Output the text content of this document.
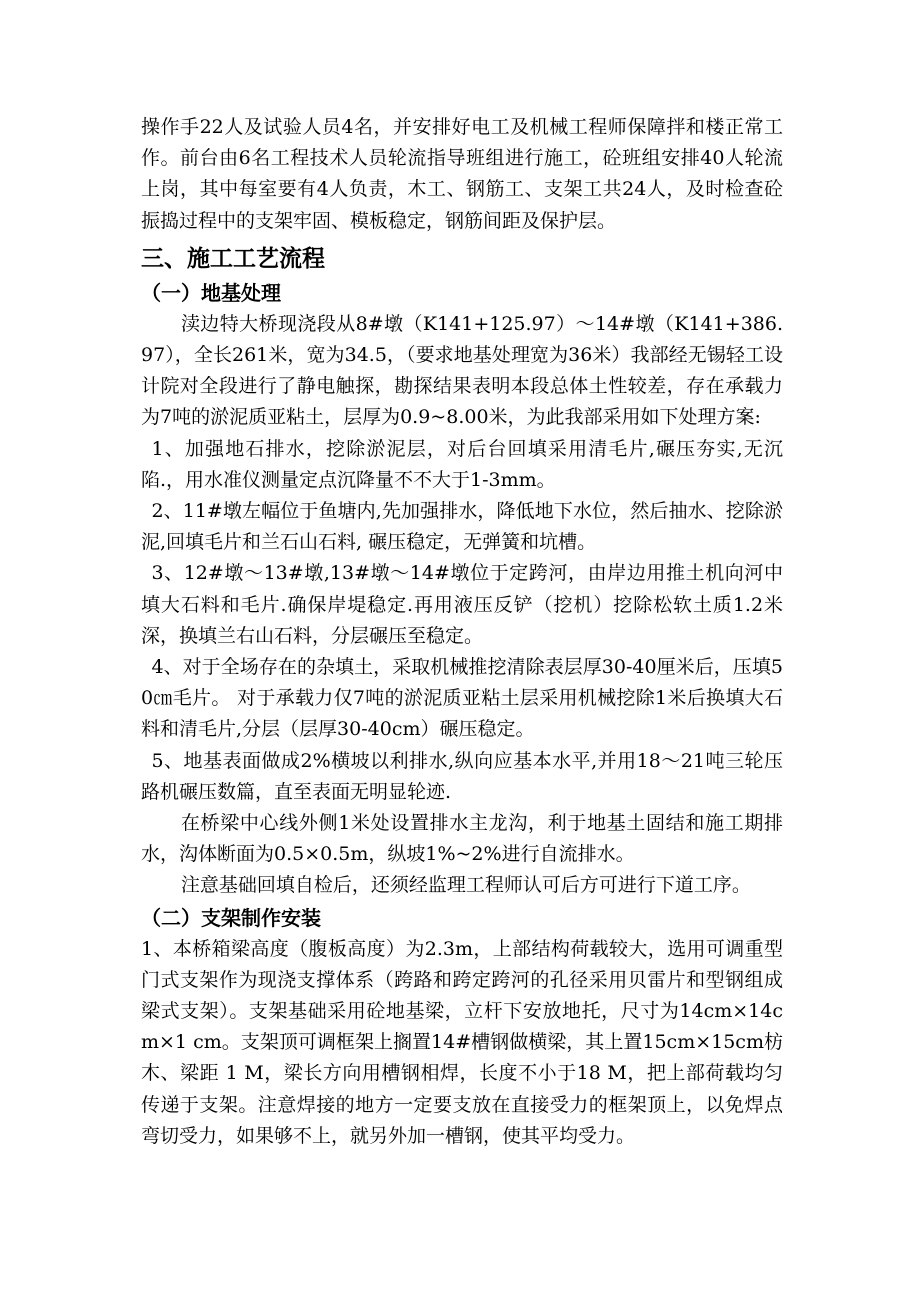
操作手22人及试验人员4名，并安排好电工及机械工程师保障拌和楼正常工作。前台由6名工程技术人员轮流指导班组进行施工，砼班组安排40人轮流上岗，其中每室要有4人负责，木工、钢筋工、支架工共24人，及时检查砼振捣过程中的支架牢固、模板稳定，钢筋间距及保护层。

三、施工工艺流程
（一）地基处理

渎边特大桥现浇段从8#墩（K141+125.97）～14#墩（K141+386.97），全长261米，宽为34.5，（要求地基处理宽为36米）我部经无锡轻工设计院对全段进行了静电触探，勘探结果表明本段总体土性较差，存在承载力为7吨的淤泥质亚粘土，层厚为0.9~8.00米，为此我部采用如下处理方案:

1、加强地石排水，挖除淤泥层，对后台回填采用清毛片,碾压夯实,无沉陷.，用水准仪测量定点沉降量不不大于1-3mm。

2、11#墩左幅位于鱼塘内,先加强排水，降低地下水位，然后抽水、挖除淤泥,回填毛片和兰石山石料, 碾压稳定，无弹簧和坑槽。

3、12#墩～13#墩,13#墩～14#墩位于定跨河，由岸边用推土机向河中填大石料和毛片.确保岸堤稳定.再用液压反铲（挖机）挖除松软土质1.2米深，换填兰右山石料，分层碾压至稳定。

4、对于全场存在的杂填土，采取机械推挖清除表层厚30-40厘米后，压填50㎝毛片。 对于承载力仅7吨的淤泥质亚粘土层采用机械挖除1米后换填大石料和清毛片,分层（层厚30-40cm）碾压稳定。

5、地基表面做成2%横坡以利排水,纵向应基本水平,并用18～21吨三轮压路机碾压数篇，直至表面无明显轮迹.

在桥梁中心线外侧1米处设置排水主龙沟，利于地基土固结和施工期排水，沟体断面为0.5×0.5m，纵坡1%~2%进行自流排水。

注意基础回填自检后，还须经监理工程师认可后方可进行下道工序。

（二）支架制作安装

1、本桥箱梁高度（腹板高度）为2.3m，上部结构荷载较大，选用可调重型门式支架作为现浇支撑体系（跨路和跨定跨河的孔径采用贝雷片和型钢组成梁式支架）。支架基础采用砼地基梁，立杆下安放地托，尺寸为14cm×14cm×1 cm。支架顶可调框架上搁置14#槽钢做横梁，其上置15cm×15cm枋木、梁距 1 M，梁长方向用槽钢相焊，长度不小于18 M，把上部荷载均匀传递于支架。注意焊接的地方一定要支放在直接受力的框架顶上，以免焊点弯切受力，如果够不上，就另外加一槽钢，使其平均受力。
